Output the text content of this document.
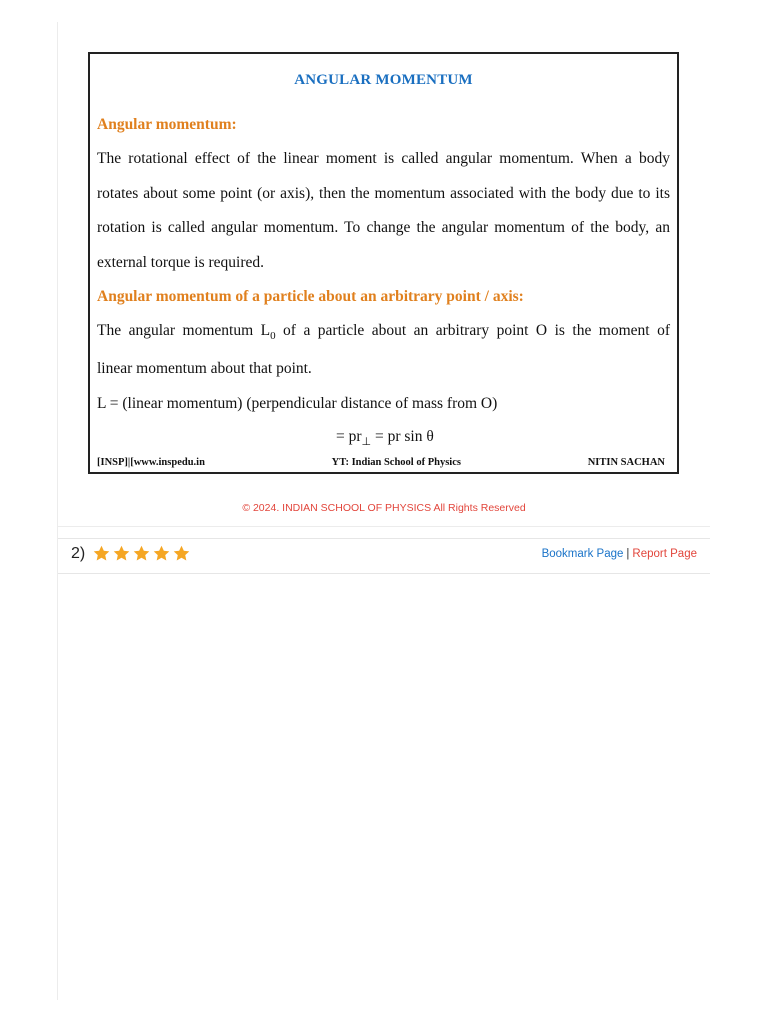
ANGULAR MOMENTUM
Angular momentum:
The rotational effect of the linear moment is called angular momentum. When a body
rotates about some point (or axis), then the momentum associated with the body due to its
rotation is called angular momentum. To change the angular momentum of the body, an
external torque is required.
Angular momentum of a particle about an arbitrary point / axis:
The angular momentum $L_0$ of a particle about an arbitrary point O is the moment of
linear momentum about that point.
L = (linear momentum) (perpendicular distance of mass from O)
= $pr_\perp$ = pr sin θ
[INSP]|[www.inspedu.in	YT: Indian School of Physics	NITIN SACHAN
© 2024. INDIAN SCHOOL OF PHYSICS All Rights Reserved
2)	Bookmark Page | Report Page
